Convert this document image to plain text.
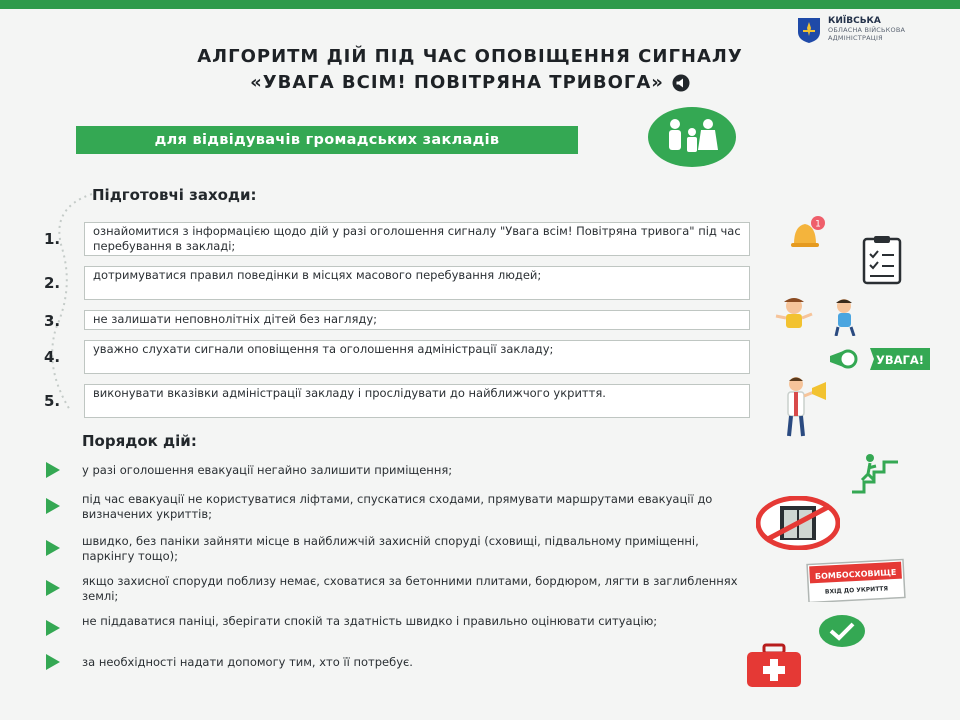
КИЇВСЬКА
ОБЛАСНА ВІЙСЬКОВА
АДМІНІСТРАЦІЯ
АЛГОРИТМ ДІЙ ПІД ЧАС ОПОВІЩЕННЯ СИГНАЛУ
«УВАГА ВСІМ! ПОВІТРЯНА ТРИВОГА»
для відвідувачів громадських закладів
Підготовчі заходи:
1.	ознайомитися з інформацією щодо дій у разі оголошення сигналу "Увага всім! Повітряна тривога" під час перебування в закладі;
2.	дотримуватися правил поведінки в місцях масового перебування людей;
3.	не залишати неповнолітніх дітей без нагляду;
4.	уважно слухати сигнали оповіщення та оголошення адміністрації закладу;
5.	виконувати вказівки адміністрації закладу і прослідувати до найближчого укриття.
Порядок дій:
у разі оголошення евакуації негайно залишити приміщення;
під час евакуації не користуватися ліфтами, спускатися сходами, прямувати маршрутами евакуації до визначених укриттів;
швидко, без паніки зайняти місце в найближчій захисній споруді (сховищі, підвальному приміщенні, паркінгу тощо);
якщо захисної споруди поблизу немає, сховатися за бетонними плитами, бордюром, лягти в заглибленнях землі;
не піддаватися паніці, зберігати спокій та здатність швидко і правильно оцінювати ситуацію;
за необхідності надати допомогу тим, хто її потребує.
1
УВАГА!
БОМБОСХОВИЩЕ
ВХІД ДО УКРИТТЯ
